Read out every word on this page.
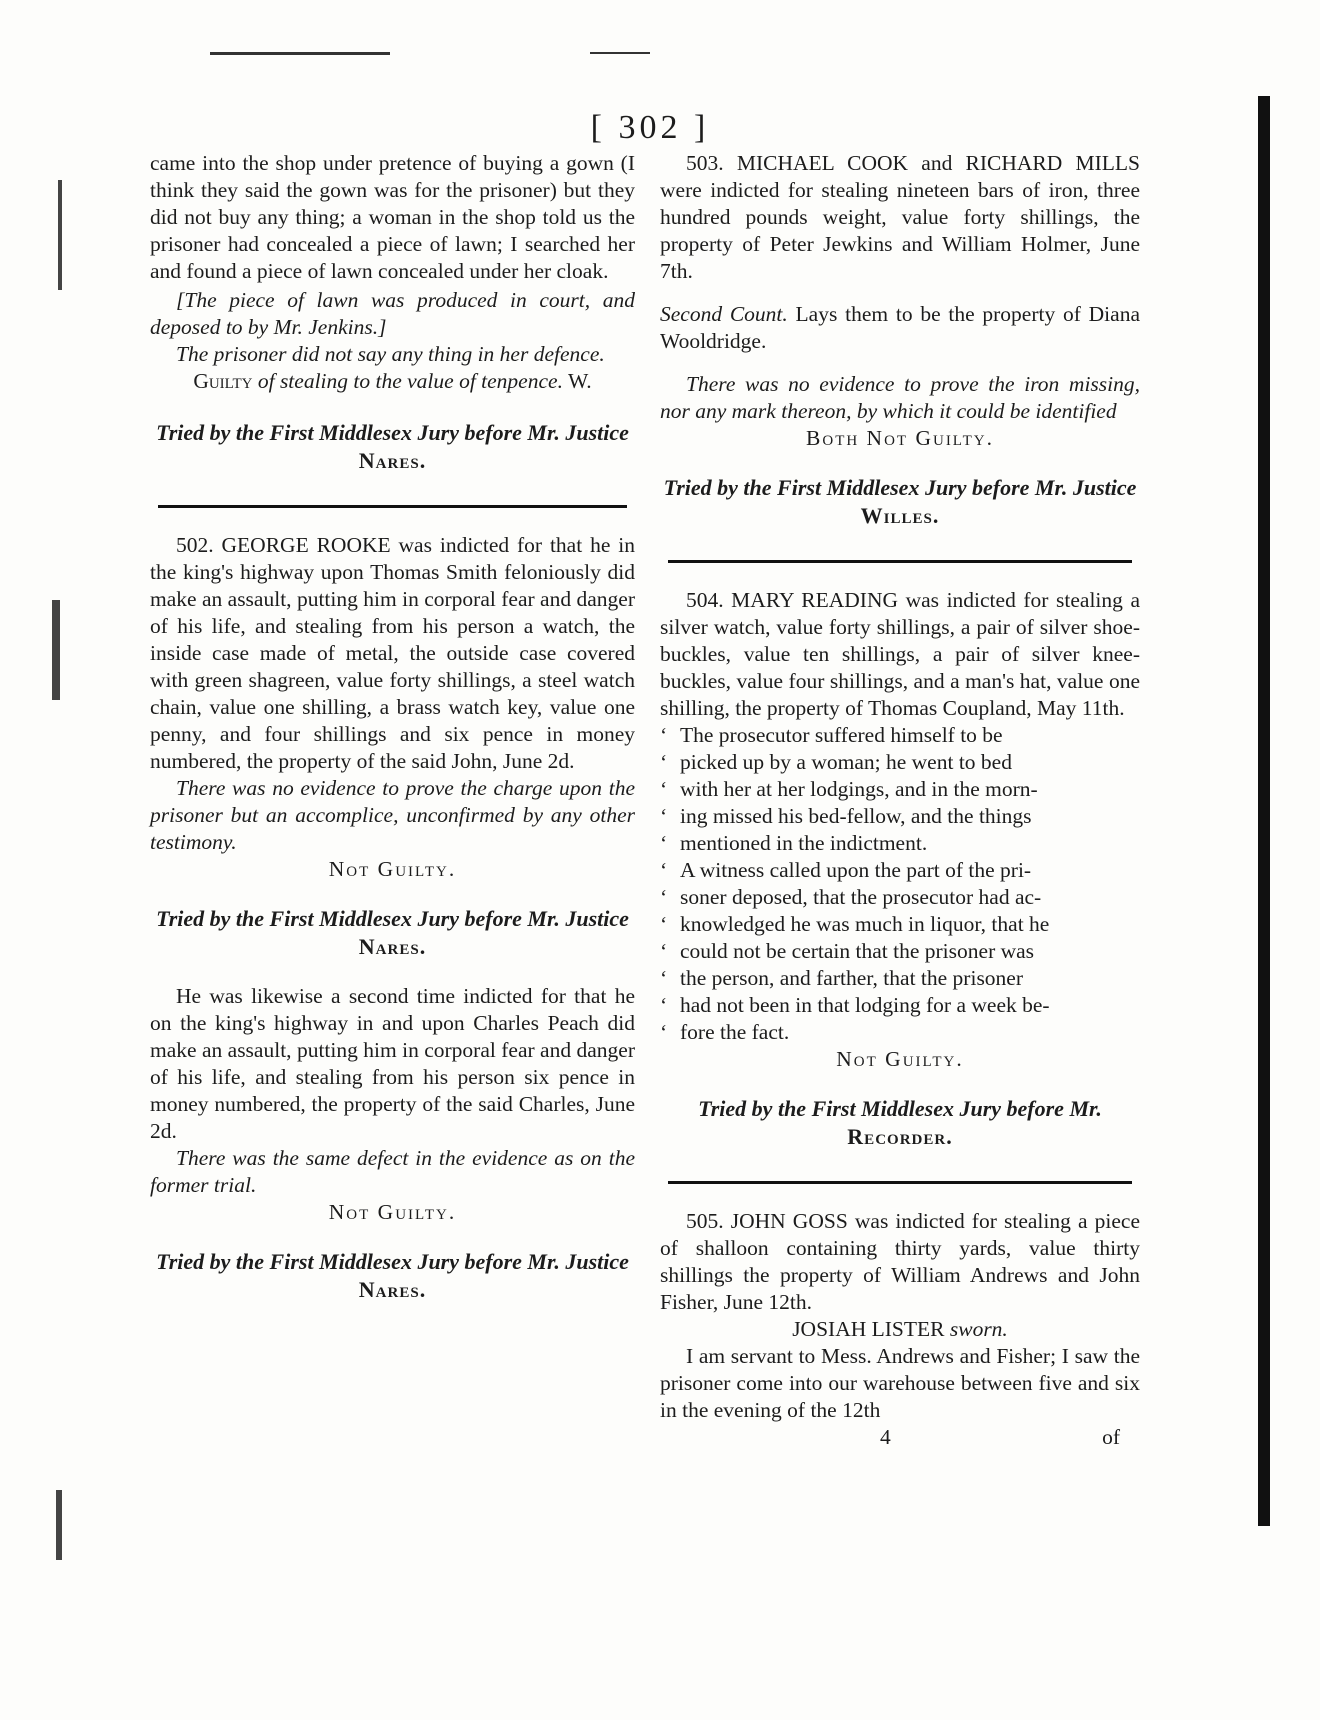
[ 302 ]

came into the shop under pretence of buying a gown (I think they said the gown was for the prisoner) but they did not buy any thing; a woman in the shop told us the prisoner had concealed a piece of lawn; I searched her and found a piece of lawn concealed under her cloak.

[The piece of lawn was produced in court, and deposed to by Mr. Jenkins.]

The prisoner did not say any thing in her defence.

Guilty of stealing to the value of tenpence. W.

Tried by the First Middlesex Jury before Mr. Justice Nares.

502. GEORGE ROOKE was indicted for that he in the king's highway upon Thomas Smith feloniously did make an assault, putting him in corporal fear and danger of his life, and stealing from his person a watch, the inside case made of metal, the outside case covered with green shagreen, value forty shillings, a steel watch chain, value one shilling, a brass watch key, value one penny, and four shillings and six pence in money numbered, the property of the said John, June 2d.

There was no evidence to prove the charge upon the prisoner but an accomplice, unconfirmed by any other testimony.

Not Guilty.

Tried by the First Middlesex Jury before Mr. Justice Nares.

He was likewise a second time indicted for that he on the king's highway in and upon Charles Peach did make an assault, putting him in corporal fear and danger of his life, and stealing from his person six pence in money numbered, the property of the said Charles, June 2d.

There was the same defect in the evidence as on the former trial.

Not Guilty.

Tried by the First Middlesex Jury before Mr. Justice Nares.

503. MICHAEL COOK and RICHARD MILLS were indicted for stealing nineteen bars of iron, three hundred pounds weight, value forty shillings, the property of Peter Jewkins and William Holmer, June 7th.

Second Count. Lays them to be the property of Diana Wooldridge.

There was no evidence to prove the iron missing, nor any mark thereon, by which it could be identified

Both Not Guilty.

Tried by the First Middlesex Jury before Mr. Justice Willes.

504. MARY READING was indicted for stealing a silver watch, value forty shillings, a pair of silver shoe-buckles, value ten shillings, a pair of silver knee-buckles, value four shillings, and a man's hat, value one shilling, the property of Thomas Coupland, May 11th.

‘ The prosecutor suffered himself to be
‘ picked up by a woman; he went to bed
‘ with her at her lodgings, and in the morn-
‘ ing missed his bed-fellow, and the things
‘ mentioned in the indictment.
‘ A witness called upon the part of the pri-
‘ soner deposed, that the prosecutor had ac-
‘ knowledged he was much in liquor, that he
‘ could not be certain that the prisoner was
‘ the person, and farther, that the prisoner
‘ had not been in that lodging for a week be-
‘ fore the fact.

Not Guilty.

Tried by the First Middlesex Jury before Mr.
Recorder.

505. JOHN GOSS was indicted for stealing a piece of shalloon containing thirty yards, value thirty shillings the property of William Andrews and John Fisher, June 12th.

JOSIAH LISTER sworn.

I am servant to Mess. Andrews and Fisher; I saw the prisoner come into our warehouse between five and six in the evening of the 12th

4	of
